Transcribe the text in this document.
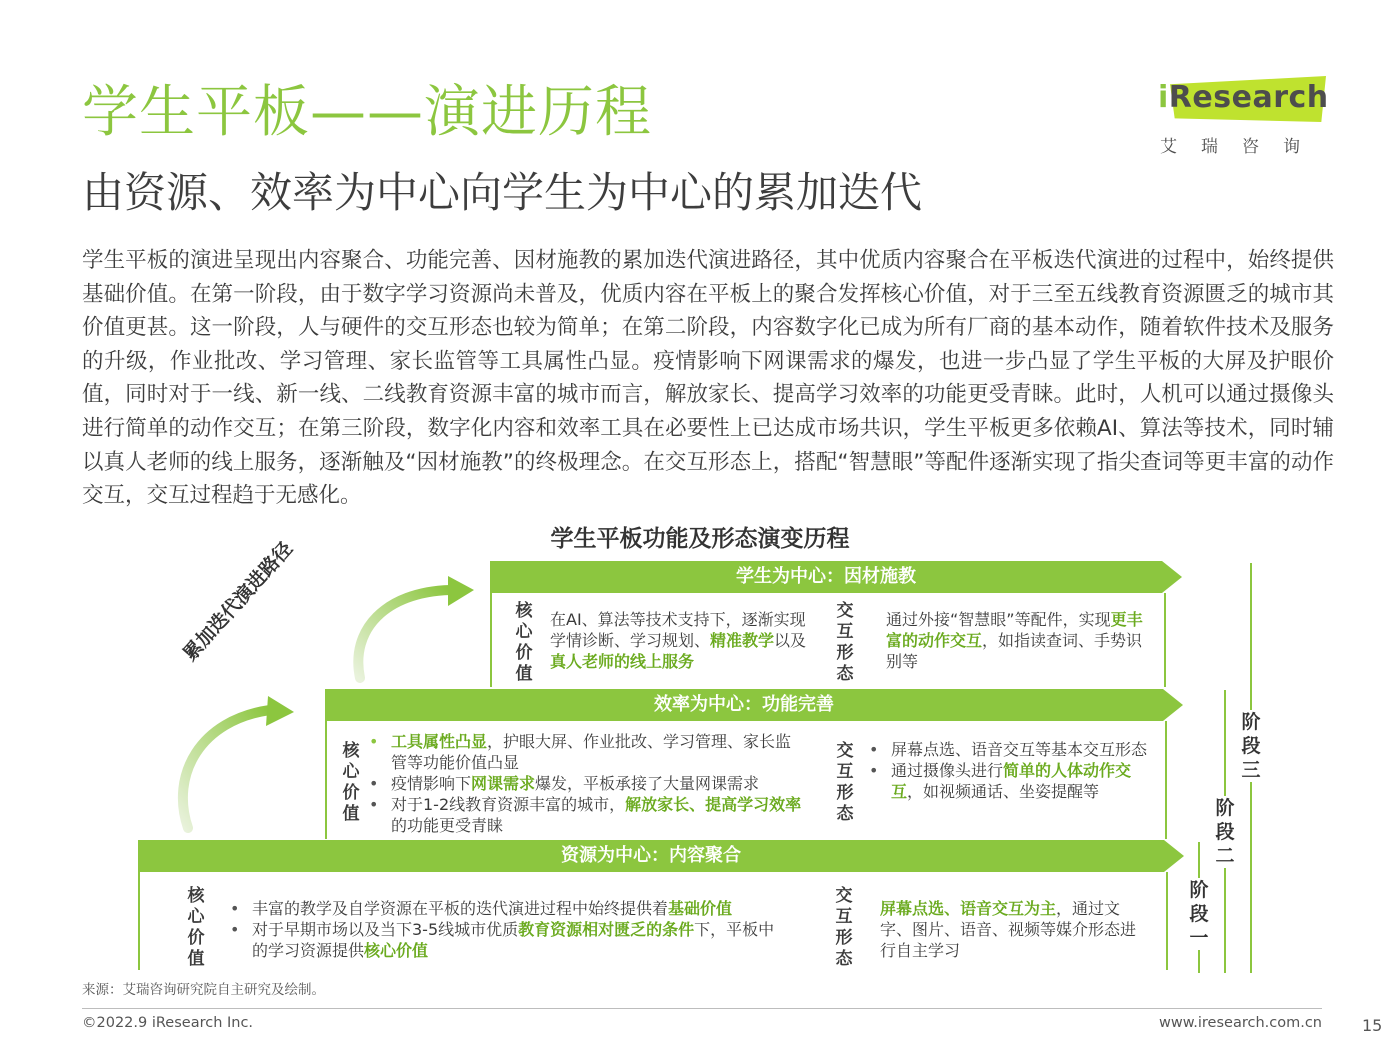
学生平板——演进历程
由资源、效率为中心向学生为中心的累加迭代
iResearch
艾瑞咨询

学生平板的演进呈现出内容聚合、功能完善、因材施教的累加迭代演进路径，其中优质内容聚合在平板迭代演进的过程中，始终提供基础价值。在第一阶段，由于数字学习资源尚未普及，优质内容在平板上的聚合发挥核心价值，对于三至五线教育资源匮乏的城市其价值更甚。这一阶段，人与硬件的交互形态也较为简单；在第二阶段，内容数字化已成为所有厂商的基本动作，随着软件技术及服务的升级，作业批改、学习管理、家长监管等工具属性凸显。疫情影响下网课需求的爆发，也进一步凸显了学生平板的大屏及护眼价值，同时对于一线、新一线、二线教育资源丰富的城市而言，解放家长、提高学习效率的功能更受青睐。此时，人机可以通过摄像头进行简单的动作交互；在第三阶段，数字化内容和效率工具在必要性上已达成市场共识，学生平板更多依赖AI、算法等技术，同时辅以真人老师的线上服务，逐渐触及“因材施教”的终极理念。在交互形态上，搭配“智慧眼”等配件逐渐实现了指尖查词等更丰富的动作交互，交互过程趋于无感化。

学生平板功能及形态演变历程
累加迭代演进路径	学生为中心：因材施教
核心价值
在AI、算法等技术支持下，逐渐实现学情诊断、学习规划、精准教学以及真人老师的线上服务
交互形态
通过外接“智慧眼”等配件，实现更丰富的动作交互，如指读查词、手势识别等
效率为中心：功能完善
核心价值
• 工具属性凸显，护眼大屏、作业批改、学习管理、家长监管等功能价值凸显
• 疫情影响下网课需求爆发，平板承接了大量网课需求
• 对于1-2线教育资源丰富的城市，解放家长、提高学习效率的功能更受青睐
交互形态
• 屏幕点选、语音交互等基本交互形态
• 通过摄像头进行简单的人体动作交互，如视频通话、坐姿提醒等
资源为中心：内容聚合
核心价值
• 丰富的教学及自学资源在平板的迭代演进过程中始终提供着基础价值
• 对于早期市场以及当下3-5线城市优质教育资源相对匮乏的条件下，平板中的学习资源提供核心价值
交互形态
屏幕点选、语音交互为主，通过文字、图片、语音、视频等媒介形态进行自主学习
阶段三
阶段二
阶段一
来源：艾瑞咨询研究院自主研究及绘制。
©2022.9 iResearch Inc.	www.iresearch.com.cn	15
